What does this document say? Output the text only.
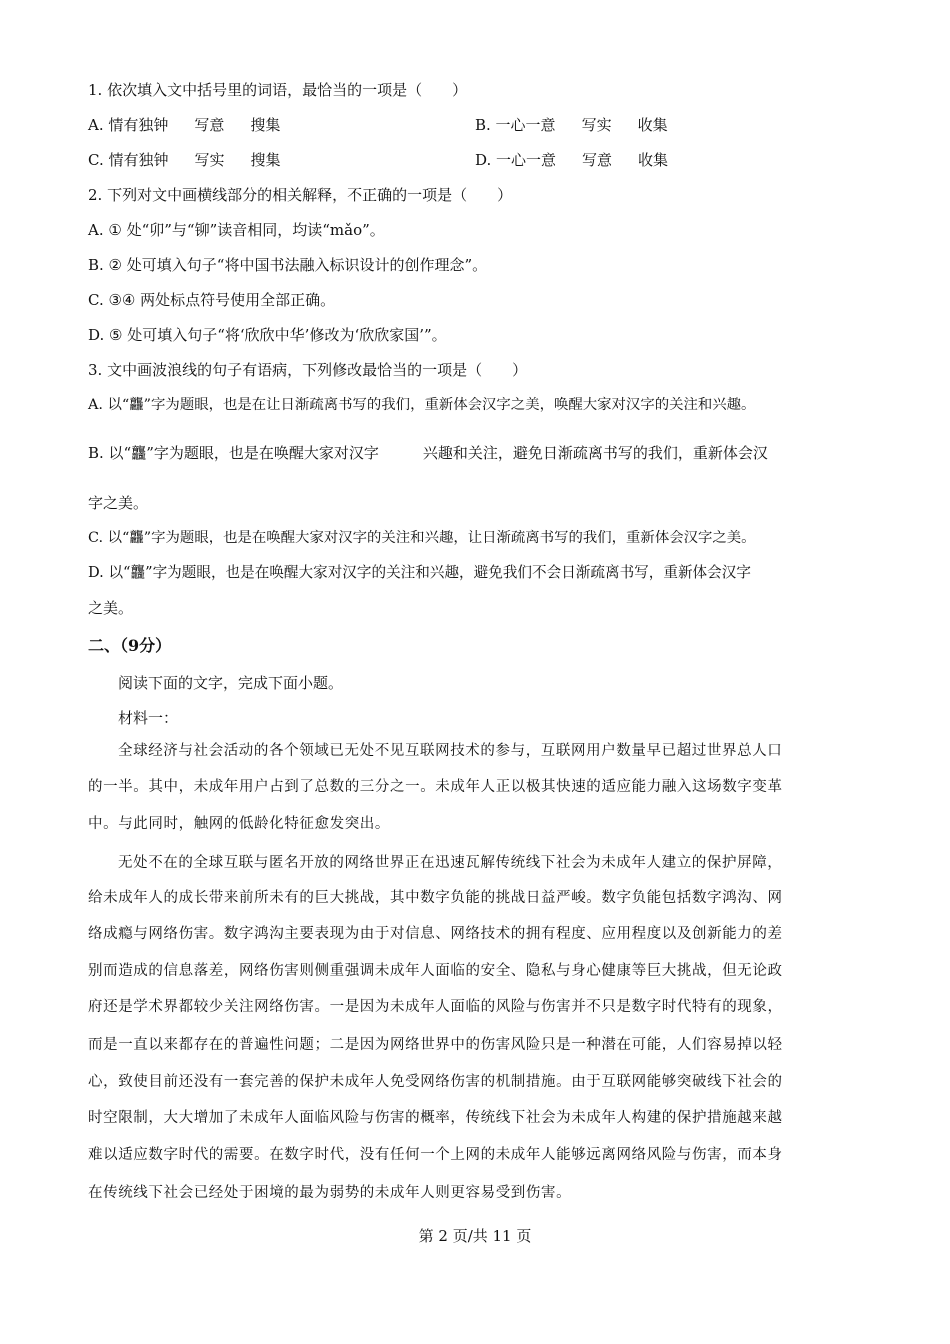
1. 依次填入文中括号里的词语，最恰当的一项是（　　）
A. 情有独钟 写意 搜集	B. 一心一意 写实 收集
C. 情有独钟 写实 搜集	D. 一心一意 写意 收集
2. 下列对文中画横线部分的相关解释，不正确的一项是（　　）
A. ① 处“卯”与“铆”读音相同，均读“mǎo”。
B. ② 处可填入句子“将中国书法融入标识设计的创作理念”。
C. ③④ 两处标点符号使用全部正确。
D. ⑤ 处可填入句子“将‘欣欣中华’修改为‘欣欣家国’”。
3. 文中画波浪线的句子有语病，下列修改最恰当的一项是（　　）
A. 以“龘”字为题眼，也是在让日渐疏离书写的我们，重新体会汉字之美，唤醒大家对汉字的关注和兴趣。
B. 以“龘”字为题眼，也是在唤醒大家对汉字	兴趣和关注，避免日渐疏离书写的我们，重新体会汉
字之美。
C. 以“龘”字为题眼，也是在唤醒大家对汉字的关注和兴趣，让日渐疏离书写的我们，重新体会汉字之美。
D. 以“龘”字为题眼，也是在唤醒大家对汉字的关注和兴趣，避免我们不会日渐疏离书写，重新体会汉字
之美。
二、（9分）
阅读下面的文字，完成下面小题。
材料一：
全球经济与社会活动的各个领域已无处不见互联网技术的参与，互联网用户数量早已超过世界总人口
的一半。其中，未成年用户占到了总数的三分之一。未成年人正以极其快速的适应能力融入这场数字变革
中。与此同时，触网的低龄化特征愈发突出。
无处不在的全球互联与匿名开放的网络世界正在迅速瓦解传统线下社会为未成年人建立的保护屏障，
给未成年人的成长带来前所未有的巨大挑战，其中数字负能的挑战日益严峻。数字负能包括数字鸿沟、网
络成瘾与网络伤害。数字鸿沟主要表现为由于对信息、网络技术的拥有程度、应用程度以及创新能力的差
别而造成的信息落差，网络伤害则侧重强调未成年人面临的安全、隐私与身心健康等巨大挑战，但无论政
府还是学术界都较少关注网络伤害。一是因为未成年人面临的风险与伤害并不只是数字时代特有的现象，
而是一直以来都存在的普遍性问题；二是因为网络世界中的伤害风险只是一种潜在可能，人们容易掉以轻
心，致使目前还没有一套完善的保护未成年人免受网络伤害的机制措施。由于互联网能够突破线下社会的
时空限制，大大增加了未成年人面临风险与伤害的概率，传统线下社会为未成年人构建的保护措施越来越
难以适应数字时代的需要。在数字时代，没有任何一个上网的未成年人能够远离网络风险与伤害，而本身
在传统线下社会已经处于困境的最为弱势的未成年人则更容易受到伤害。
第 2 页/共 11 页
